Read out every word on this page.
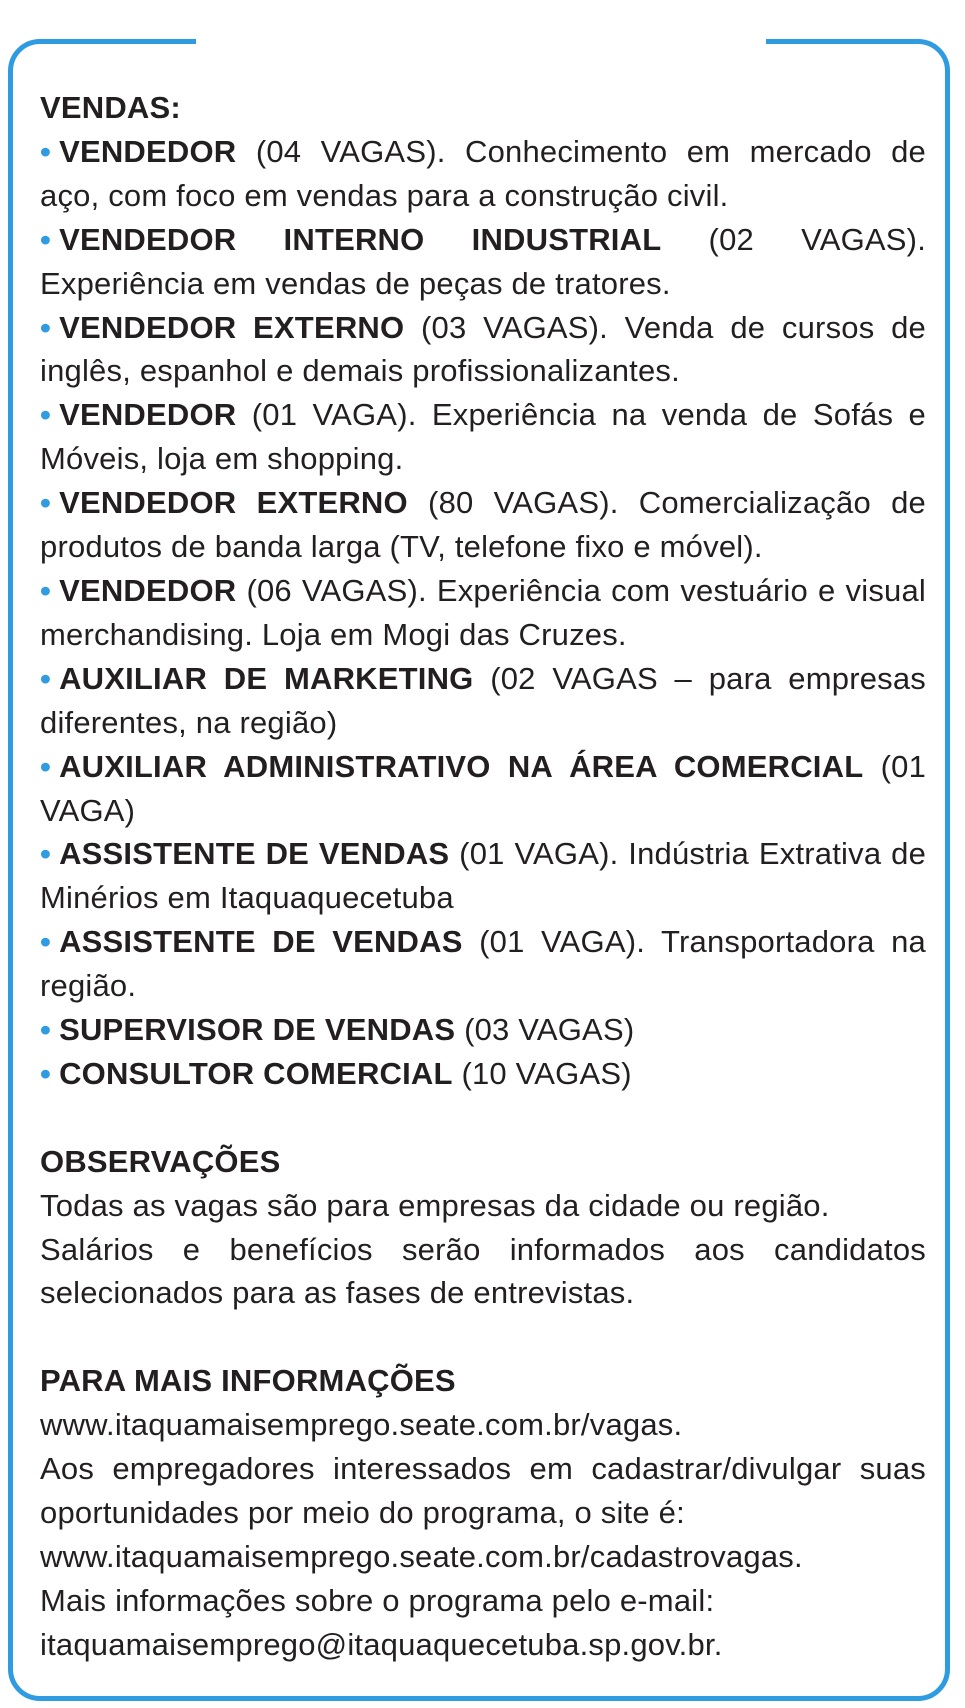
VENDAS:

• VENDEDOR (04 VAGAS). Conhecimento em mercado de aço, com foco em vendas para a construção civil.

• VENDEDOR INTERNO INDUSTRIAL (02 VAGAS). Experiência em vendas de peças de tratores.

• VENDEDOR EXTERNO (03 VAGAS). Venda de cursos de inglês, espanhol e demais profissionalizantes.

• VENDEDOR (01 VAGA). Experiência na venda de Sofás e Móveis, loja em shopping.

• VENDEDOR EXTERNO (80 VAGAS). Comercialização de produtos de banda larga (TV, telefone fixo e móvel).

• VENDEDOR (06 VAGAS). Experiência com vestuário e visual merchandising. Loja em Mogi das Cruzes.

• AUXILIAR DE MARKETING (02 VAGAS – para empresas diferentes, na região)

• AUXILIAR ADMINISTRATIVO NA ÁREA COMERCIAL (01 VAGA)

• ASSISTENTE DE VENDAS (01 VAGA). Indústria Extrativa de Minérios em Itaquaquecetuba

• ASSISTENTE DE VENDAS (01 VAGA). Transportadora na região.

• SUPERVISOR DE VENDAS (03 VAGAS)

• CONSULTOR COMERCIAL (10 VAGAS)

OBSERVAÇÕES

Todas as vagas são para empresas da cidade ou região.

Salários e benefícios serão informados aos candidatos selecionados para as fases de entrevistas.

PARA MAIS INFORMAÇÕES

www.itaquamaisemprego.seate.com.br/vagas.

Aos empregadores interessados em cadastrar/divulgar suas oportunidades por meio do programa, o site é:

www.itaquamaisemprego.seate.com.br/cadastrovagas.

Mais informações sobre o programa pelo e-mail:

itaquamaisemprego@itaquaquecetuba.sp.gov.br.
